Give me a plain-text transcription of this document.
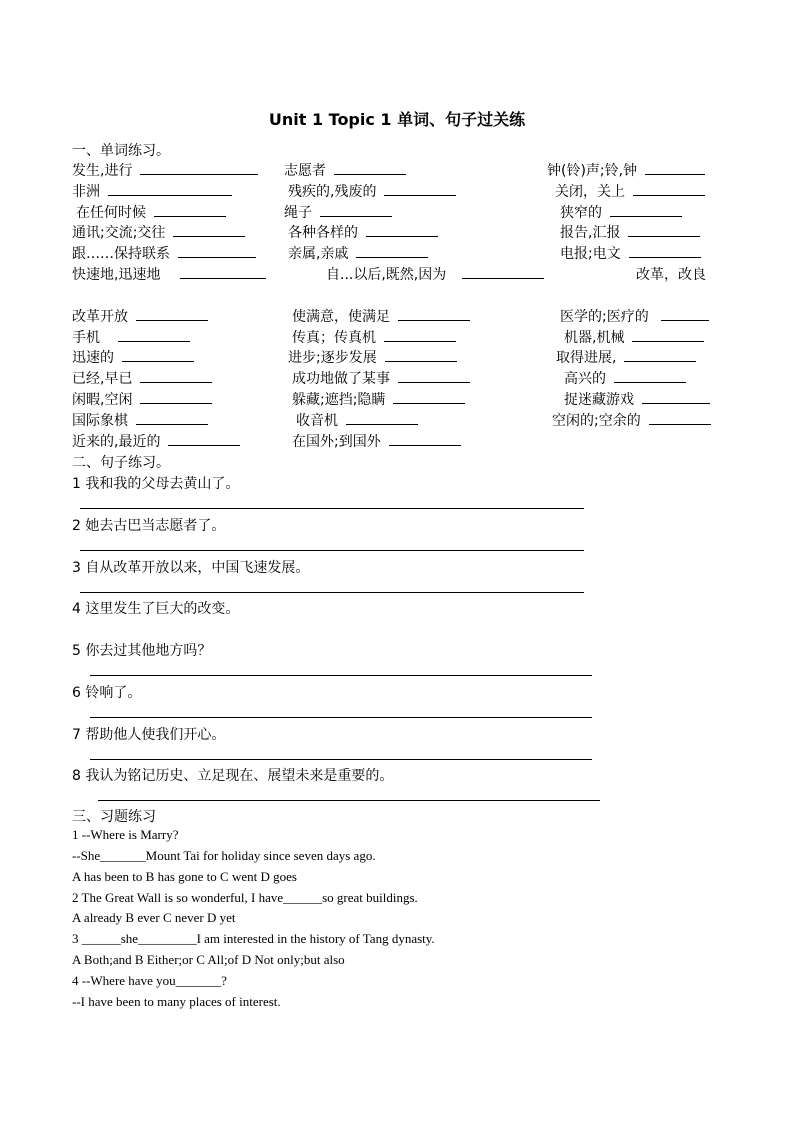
Unit 1 Topic 1 单词、句子过关练
一、单词练习。
发生,进行	志愿者	钟(铃)声;铃,钟
非洲	残疾的,残废的	关闭，关上
在任何时候	绳子	狭窄的
通讯;交流;交往	各种各样的	报告,汇报
跟……保持联系	亲属,亲戚	电报;电文
快速地,迅速地	自...以后,既然,因为	改革，改良
改革开放	使满意，使满足	医学的;医疗的
手机	传真；传真机	机器,机械
迅速的	进步;逐步发展	取得进展,
已经,早已	成功地做了某事	高兴的
闲暇,空闲	躲藏;遮挡;隐瞒	捉迷藏游戏
国际象棋	收音机	空闲的;空余的
近来的,最近的	在国外;到国外
二、句子练习。
1 我和我的父母去黄山了。
2 她去古巴当志愿者了。
3 自从改革开放以来，中国飞速发展。
4 这里发生了巨大的改变。
5 你去过其他地方吗？
6 铃响了。
7 帮助他人使我们开心。
8 我认为铭记历史、立足现在、展望未来是重要的。
三、习题练习
1 --Where is Marry?
--She_______Mount Tai for holiday since seven days ago.
A has been to B has gone to C went D goes
2 The Great Wall is so wonderful, I have______so great buildings.
A already B ever C never D yet
3 ______she_________I am interested in the history of Tang dynasty.
A Both;and B Either;or C All;of D Not only;but also
4 --Where have you_______?
--I have been to many places of interest.
